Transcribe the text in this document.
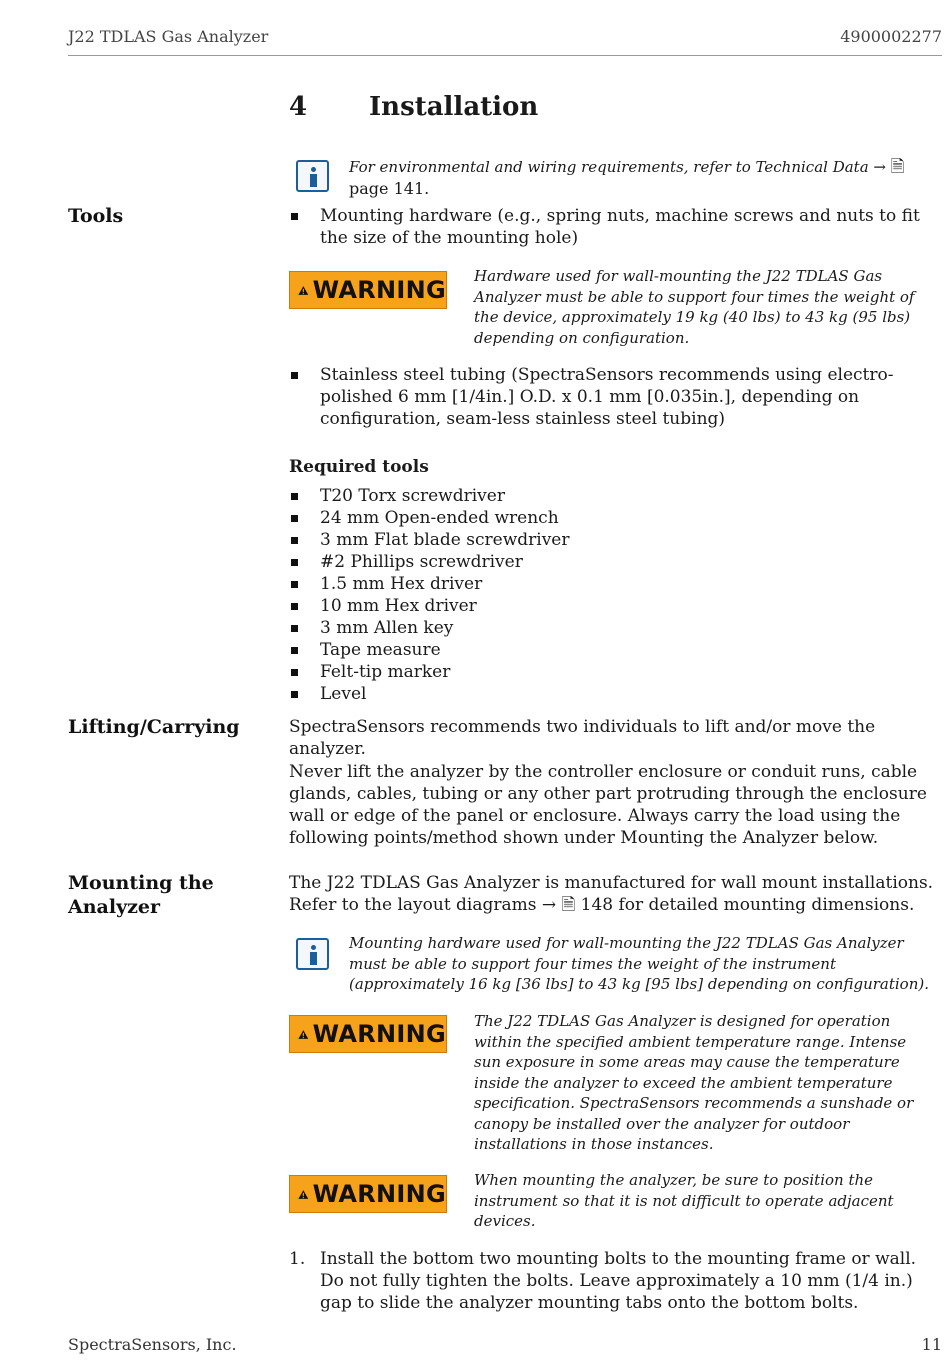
J22 TDLAS Gas Analyzer	4900002277
4 Installation
For environmental and wiring requirements, refer to Technical Data → 🗎 page 141.
Tools	Mounting hardware (e.g., spring nuts, machine screws and nuts to fit the size of the mounting hole)
WARNING Hardware used for wall-mounting the J22 TDLAS Gas Analyzer must be able to support four times the weight of the device, approximately 19 kg (40 lbs) to 43 kg (95 lbs) depending on configuration.
Stainless steel tubing (SpectraSensors recommends using electro-polished 6 mm [1/4in.] O.D. x 0.1 mm [0.035in.], depending on configuration, seam-less stainless steel tubing)
Required tools
T20 Torx screwdriver
24 mm Open-ended wrench
3 mm Flat blade screwdriver
#2 Phillips screwdriver
1.5 mm Hex driver
10 mm Hex driver
3 mm Allen key
Tape measure
Felt-tip marker
Level
Lifting/Carrying	SpectraSensors recommends two individuals to lift and/or move the analyzer.
Never lift the analyzer by the controller enclosure or conduit runs, cable glands, cables, tubing or any other part protruding through the enclosure wall or edge of the panel or enclosure. Always carry the load using the following points/method shown under Mounting the Analyzer below.
Mounting the
Analyzer
The J22 TDLAS Gas Analyzer is manufactured for wall mount installations. Refer to the layout diagrams → 🗎 148 for detailed mounting dimensions.
Mounting hardware used for wall-mounting the J22 TDLAS Gas Analyzer must be able to support four times the weight of the instrument (approximately 16 kg [36 lbs] to 43 kg [95 lbs] depending on configuration).
WARNING The J22 TDLAS Gas Analyzer is designed for operation within the specified ambient temperature range. Intense sun exposure in some areas may cause the temperature inside the analyzer to exceed the ambient temperature specification. SpectraSensors recommends a sunshade or canopy be installed over the analyzer for outdoor installations in those instances.
WARNING When mounting the analyzer, be sure to position the instrument so that it is not difficult to operate adjacent devices.
1. Install the bottom two mounting bolts to the mounting frame or wall. Do not fully tighten the bolts. Leave approximately a 10 mm (1/4 in.) gap to slide the analyzer mounting tabs onto the bottom bolts.
SpectraSensors, Inc.	11
